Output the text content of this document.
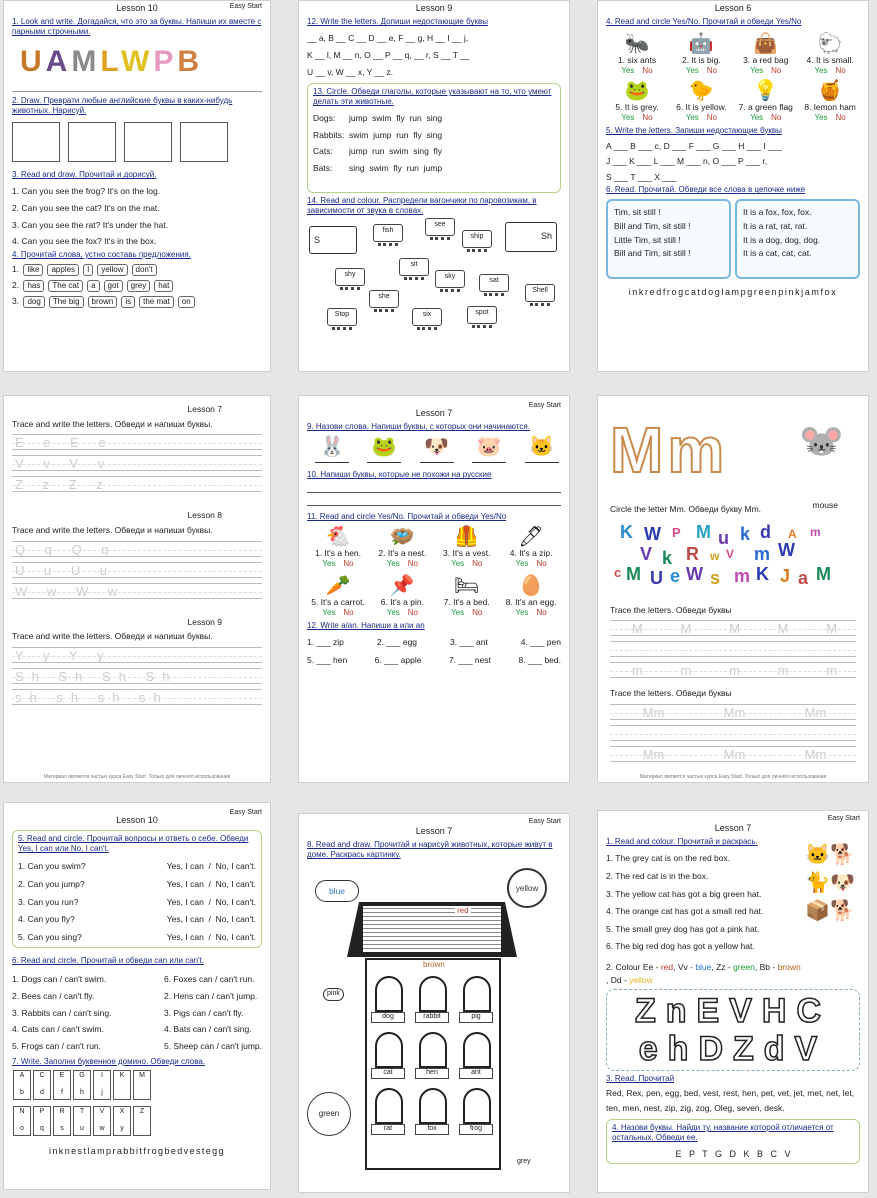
Lesson 10	Easy Start
1. Look and write. Догадайся, что это за буквы. Напиши их вместе с парными строчными.
UAMLWPB
2. Draw. Преврати любые английские буквы в каких-нибудь животных. Нарисуй.
3. Read and draw. Прочитай и дорисуй.
1. Can you see the frog? It's on the log.
2. Can you see the cat? It's on the mat.
3. Can you see the rat? It's under the hat.
4. Can you see the fox? It's in the box.
4. Прочитай слова, устно составь предложения.
1. like apples I yellow don't
2. has The cat a got grey hat
3. dog The big brown is the mat on
Lesson 9
12. Write the letters. Допиши недостающие буквы
__ a, B __ C __ D __ e, F __ g, H __ I __ j,
K __ l, M __ n, O __ P __ q, __ r, S __ T __
U __ v, W __ x, Y __ z.
13. Circle. Обведи глаголы, которые указывают на то, что умеют делать эти животные.
Dogs: jump  swim  fly  run  sing
Rabbits: swim  jump  run  fly  sing
Cats: jump  run  swim  sing  fly
Bats: sing  swim  fly  run  jump
14. Read and colour. Распредели вагончики по паровозикам, в зависимости от звука в словах.
S	Sh
fish
see
ship
sit
shy
she
sky
sat
Shell
Stop	six	spot
Lesson 6
4. Read and circle Yes/No. Прочитай и обведи Yes/No
🐜
1. six ants
Yes No
🤖
2. It is big.
Yes No
👜
3. a red bag
Yes No
🐑
4. It is small.
Yes No
🐸
5. It is grey.
Yes No
🐤
6. It is yellow.
Yes No
💡
7. a green flag
Yes No
🍯
8. lemon ham
Yes No
5. Write the letters. Запиши недостающие буквы
A ___ B ___ c, D ___ F ___ G ___ H ___ I ___
J ___ K ___ L ___ M ___ n, O ___ P ___ r,
S ___ T ___ X ___
6. Read. Прочитай. Обведи все слова в цепочке ниже
Tim, sit still !
Bill and Tim, sit still !
Little Tim, sit still !
Bill and Tim, sit still !
It is a fox, fox, fox.
It is a rat, rat, rat.
It is a dog, dog, dog.
It is a cat, cat, cat.
inkredfrogcatdoglampgreenpinkjamfox
Lesson 7
Trace and write the letters. Обведи и напиши буквы.
E e E e
V v V v
Z z Z z
Lesson 8
Trace and write the letters. Обведи и напиши буквы.
Q q Q q
U u U u
W w W w
Lesson 9
Trace and write the letters. Обведи и напиши буквы.
Y y Y y
Sh Sh Sh Sh
sh sh sh sh
Материал является частью курса Easy Start. Только для личного использования
Lesson 7
Easy Start
9. Назови слова. Напиши буквы, с которых они начинаются.
🐰 🐸 🐶 🐷 🐱
10. Напиши буквы, которые не похожи на русские
11. Read and circle Yes/No. Прочитай и обведи Yes/No
🐔
1. It's a hen.
Yes No
🪺
2. It's a nest.
Yes No
🦺
3. It's a vest.
Yes No
🖊
4. It's a zip.
Yes No
🥕
5. It's a carrot.
Yes No
📌
6. It's a pin.
Yes No
🛏
7. It's a bed.
Yes No
🥚
8. It's an egg.
Yes No
12. Write a/an. Напиши a или an
1. ___ zip	2. ___ egg	3. ___ ant	4. ___ pen
5. ___ hen	6. ___ apple	7. ___ nest	8. ___ bed.
Mm	🐭
mouse
Circle the letter Mm. Обведи букву Mm.
K W P M u k d A m
V k R w V m W
c M U e W s m K J a M
Trace the letters. Обведи буквы
M	M	M	M	M
m	m	m	m	m
Trace the letters. Обведи буквы
Mm	Mm	Mm
Mm	Mm	Mm
Материал является частью курса Easy Start. Только для личного использования
Lesson 10
Easy Start
5. Read and circle. Прочитай вопросы и ответь о себе. Обведи Yes, I can или No, I can't.
1. Can you swim?	Yes, I can  /  No, I can't.
2. Can you jump?	Yes, I can  /  No, I can't.
3. Can you run?	Yes, I can  /  No, I can't.
4. Can you fly?	Yes, I can  /  No, I can't.
5. Can you sing?	Yes, I can  /  No, I can't.
6. Read and circle. Прочитай и обведи can или can't.
1. Dogs can / can't swim.
2. Bees can / can't fly.
3. Rabbits can / can't sing.
4. Cats can / can't swim.
5. Frogs can / can't run.
6. Foxes can / can't run.
2. Hens can / can't jump.
3. Pigs can / can't fly.
4. Bats can / can't sing.
5. Sheep can / can't jump.
7. Write. Заполни буквенное домино. Обведи слова.
A
b
C
d
E
f
G
h
I
j
K	M
N
o
P
q
R
s
T
u
V
w
X
y
Z
inknestlamprabbitfrogbedvestegg
Lesson 7
Easy Start
8. Read and draw. Прочитай и нарисуй животных, которые живут в доме. Раскрась картинку.
blue	yellow
red
brown
dog	rabbit	pig
cat	hen	ant
rat	fox	frog
pink
green
grey
Lesson 7
Easy Start
1. Read and colour. Прочитай и раскрась.
1. The grey cat is on the red box.
2. The red cat is in the box.
3. The yellow cat has got a big green hat.
4. The orange cat has got a small red hat.
5. The small grey dog has got a pink hat.
6. The big red dog has got a yellow hat.
🐱🐕
🐈🐶
📦🐕
2. Colour Ee - red, Vv - blue, Zz - green, Bb - brown
, Dd - yellow
ZnEVHC
ehDZdV
3. Read. Прочитай
Red, Rex, pen, egg, bed, vest, rest, hen, pet, vet, jet, met, net, let, ten, men, nest, zip, zig, zog, Oleg, seven, desk.
4. Назови буквы. Найди ту, название которой отличается от остальных. Обведи ее.
E   P   T   G   D   K   B   C   V
